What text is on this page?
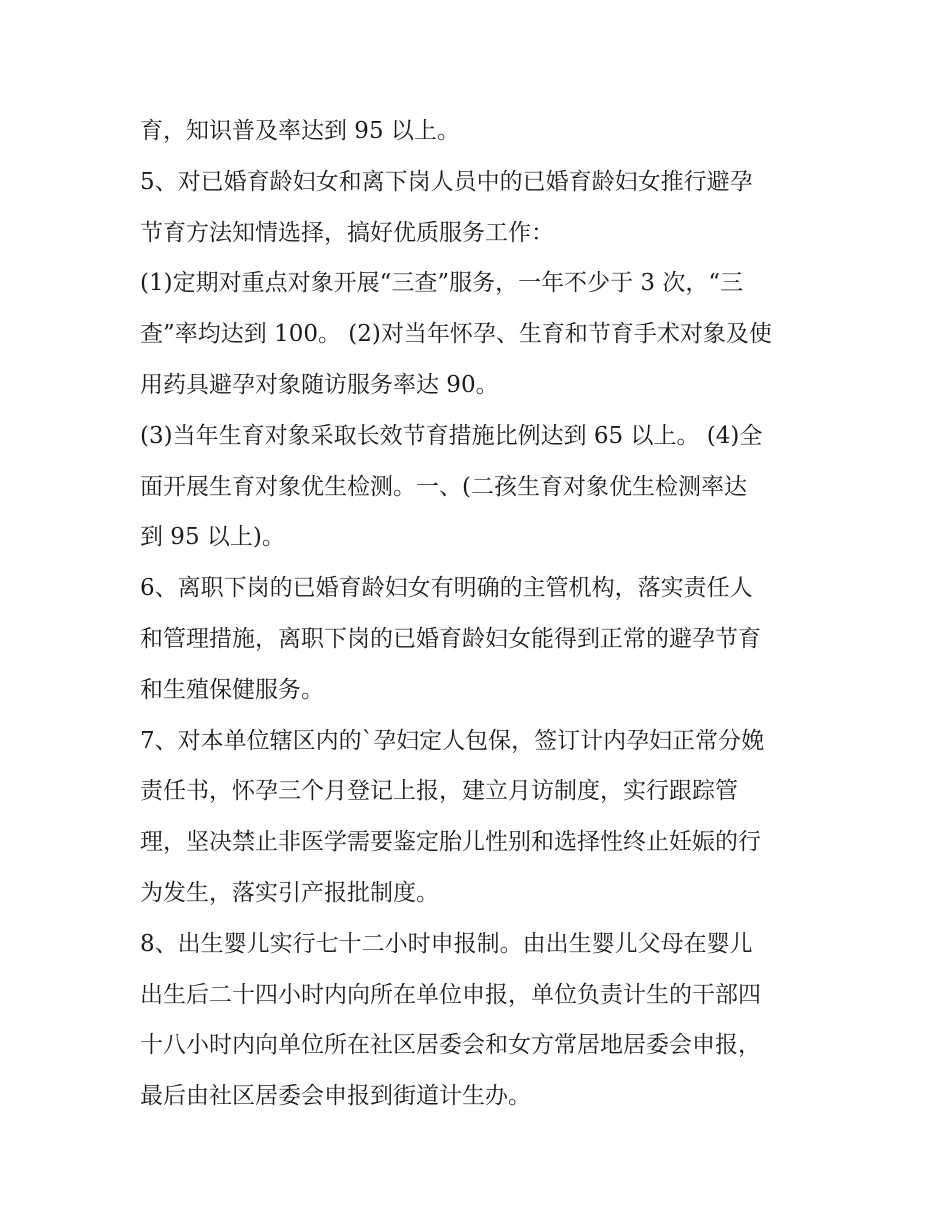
育，知识普及率达到 95 以上。
5、对已婚育龄妇女和离下岗人员中的已婚育龄妇女推行避孕
节育方法知情选择，搞好优质服务工作：
(1)定期对重点对象开展“三查”服务，一年不少于 3 次，“三
查”率均达到 100。 (2)对当年怀孕、生育和节育手术对象及使
用药具避孕对象随访服务率达 90。
(3)当年生育对象采取长效节育措施比例达到 65 以上。 (4)全
面开展生育对象优生检测。一、(二孩生育对象优生检测率达
到 95 以上)。
6、离职下岗的已婚育龄妇女有明确的主管机构，落实责任人
和管理措施，离职下岗的已婚育龄妇女能得到正常的避孕节育
和生殖保健服务。
7、对本单位辖区内的`孕妇定人包保，签订计内孕妇正常分娩
责任书，怀孕三个月登记上报，建立月访制度，实行跟踪管
理，坚决禁止非医学需要鉴定胎儿性别和选择性终止妊娠的行
为发生，落实引产报批制度。
8、出生婴儿实行七十二小时申报制。由出生婴儿父母在婴儿
出生后二十四小时内向所在单位申报，单位负责计生的干部四
十八小时内向单位所在社区居委会和女方常居地居委会申报，
最后由社区居委会申报到街道计生办。
